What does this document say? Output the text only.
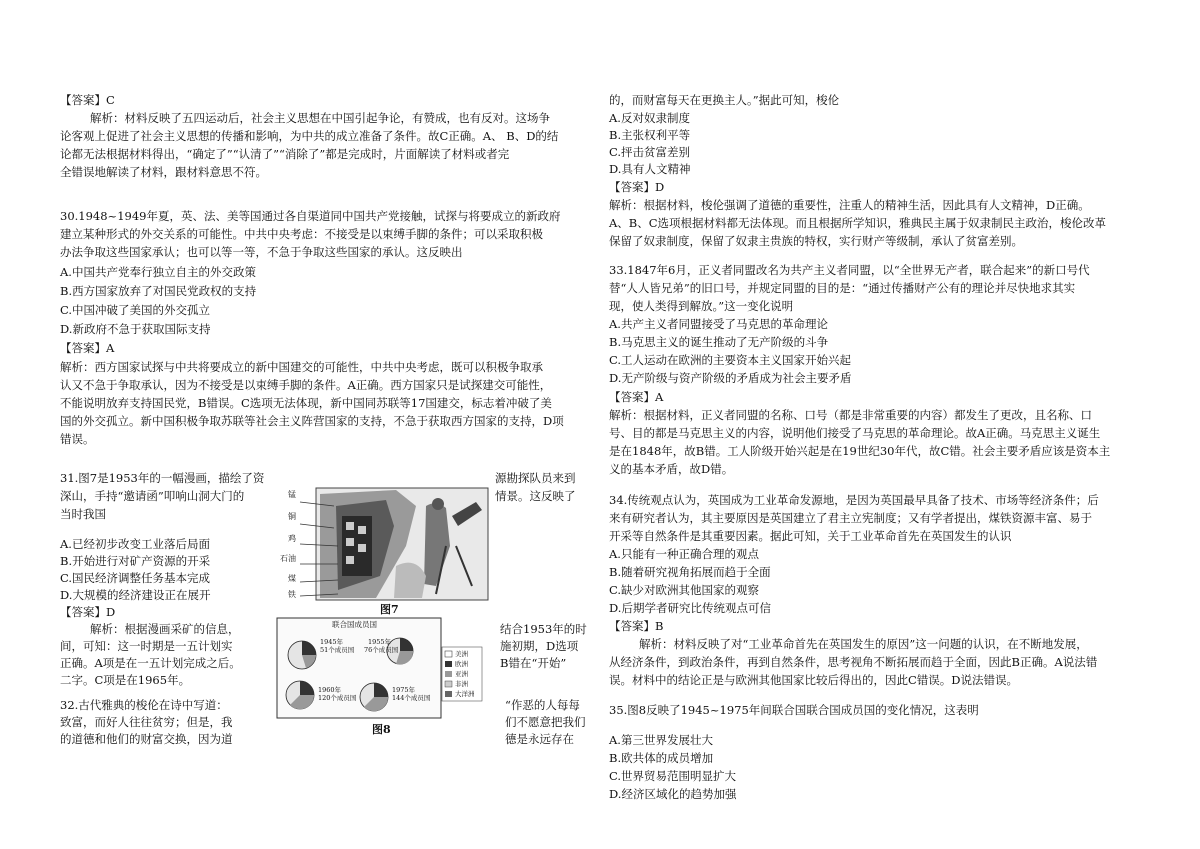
【答案】C
解析：材料反映了五四运动后，社会主义思想在中国引起争论，有赞成，也有反对。这场争
论客观上促进了社会主义思想的传播和影响，为中共的成立准备了条件。故C正确。A、 B、D的结
论都无法根据材料得出，“确定了”“认清了”“消除了”都是完成时，片面解读了材料或者完
全错误地解读了材料，跟材料意思不符。
30.1948~1949年夏，英、法、美等国通过各自渠道同中国共产党接触，试探与将要成立的新政府
建立某种形式的外交关系的可能性。中共中央考虑：不接受是以束缚手脚的条件；可以采取积极
办法争取这些国家承认；也可以等一等，不急于争取这些国家的承认。这反映出
A.中国共产党奉行独立自主的外交政策
B.西方国家放弃了对国民党政权的支持
C.中国冲破了美国的外交孤立
D.新政府不急于获取国际支持
【答案】A
解析：西方国家试探与中共将要成立的新中国建交的可能性，中共中央考虑，既可以积极争取承
认又不急于争取承认，因为不接受是以束缚手脚的条件。A正确。西方国家只是试探建交可能性，
不能说明放弃支持国民党，B错误。C选项无法体现，新中国同苏联等17国建交，标志着冲破了美
国的外交孤立。新中国积极争取苏联等社会主义阵营国家的支持，不急于获取西方国家的支持，D项
错误。
31.图7是1953年的一幅漫画，描绘了资
深山，手持“邀请函”叩响山洞大门的
当时我国
源勘探队员来到
情景。这反映了
A.已经初步改变工业落后局面
B.开始进行对矿产资源的开采
C.国民经济调整任务基本完成
D.大规模的经济建设正在展开
【答案】D
解析：根据漫画采矿的信息，
间，可知：这一时期是一五计划实
正确。A项是在一五计划完成之后。
二字。C项是在1965年。
结合1953年的时
施初期，D选项
B错在“开始”
32.古代雅典的梭伦在诗中写道：
致富，而好人往往贫穷；但是，我
的道德和他们的财富交换，因为道
“作恶的人每每
们不愿意把我们
德是永远存在
锰
铜
鸡
石油
煤
铁
图7
联合国成员国
1945年
51个成员国
1955年
76个成员国
1960年
120个成员国
1975年
144个成员国
美洲
欧洲
亚洲
非洲
大洋洲
图8
的，而财富每天在更换主人。”据此可知，梭伦
A.反对奴隶制度
B.主张权利平等
C.抨击贫富差别
D.具有人文精神
【答案】D
解析：根据材料，梭伦强调了道德的重要性，注重人的精神生活，因此具有人文精神，D正确。
A、B、C选项根据材料都无法体现。而且根据所学知识，雅典民主属于奴隶制民主政治，梭伦改革
保留了奴隶制度，保留了奴隶主贵族的特权，实行财产等级制，承认了贫富差别。
33.1847年6月，正义者同盟改名为共产主义者同盟，以“全世界无产者，联合起来”的新口号代
替“人人皆兄弟”的旧口号，并规定同盟的目的是：“通过传播财产公有的理论并尽快地求其实
现，使人类得到解放。”这一变化说明
A.共产主义者同盟接受了马克思的革命理论
B.马克思主义的诞生推动了无产阶级的斗争
C.工人运动在欧洲的主要资本主义国家开始兴起
D.无产阶级与资产阶级的矛盾成为社会主要矛盾
【答案】A
解析：根据材料，正义者同盟的名称、口号（都是非常重要的内容）都发生了更改，且名称、口
号、目的都是马克思主义的内容，说明他们接受了马克思的革命理论。故A正确。马克思主义诞生
是在1848年，故B错。工人阶级开始兴起是在19世纪30年代，故C错。社会主要矛盾应该是资本主
义的基本矛盾，故D错。
34.传统观点认为，英国成为工业革命发源地，是因为英国最早具备了技术、市场等经济条件；后
来有研究者认为，其主要原因是英国建立了君主立宪制度；又有学者提出，煤铁资源丰富、易于
开采等自然条件是其重要因素。据此可知，关于工业革命首先在英国发生的认识
A.只能有一种正确合理的观点
B.随着研究视角拓展而趋于全面
C.缺少对欧洲其他国家的观察
D.后期学者研究比传统观点可信
【答案】B
解析：材料反映了对“工业革命首先在英国发生的原因”这一问题的认识，在不断地发展，
从经济条件，到政治条件，再到自然条件，思考视角不断拓展而趋于全面，因此B正确。A说法错
误。材料中的结论正是与欧洲其他国家比较后得出的，因此C错误。D说法错误。
35.图8反映了1945~1975年间联合国联合国成员国的变化情况，这表明
A.第三世界发展壮大
B.欧共体的成员增加
C.世界贸易范围明显扩大
D.经济区域化的趋势加强
